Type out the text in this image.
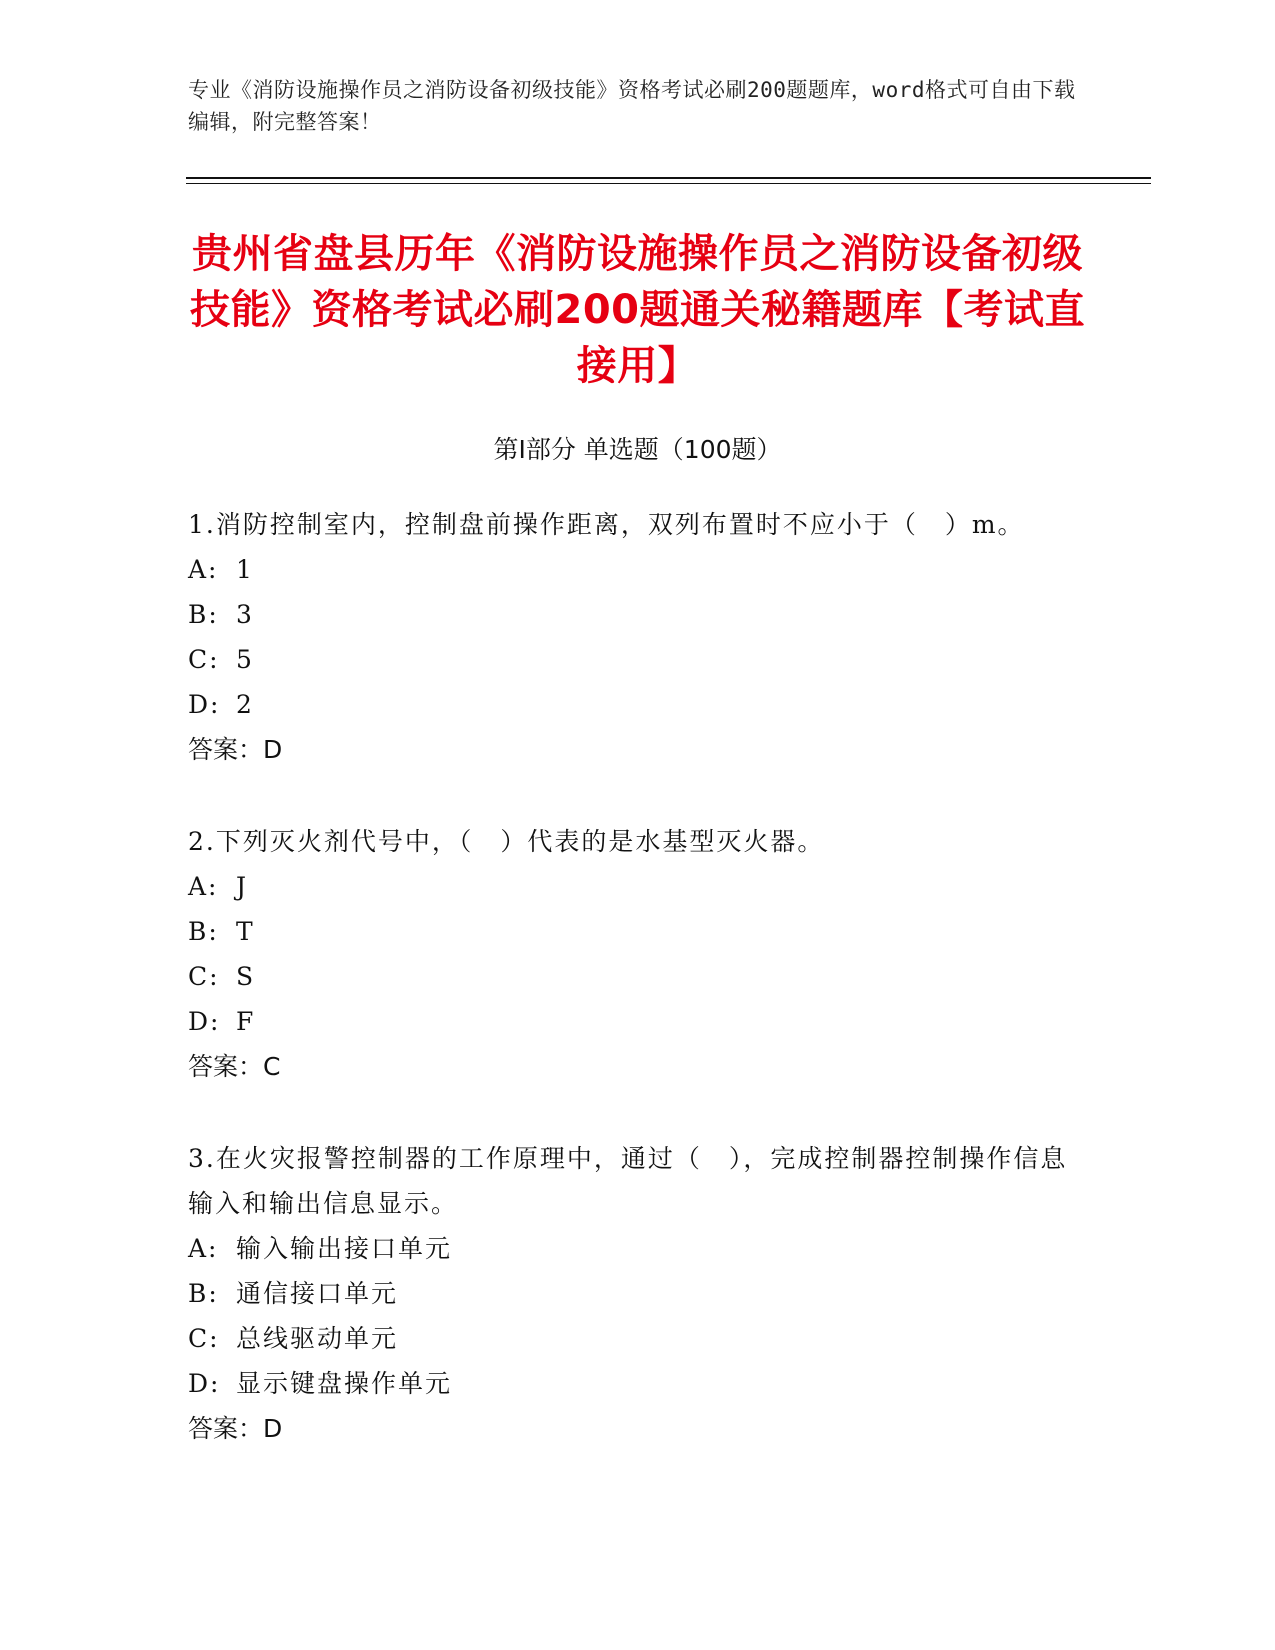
专业《消防设施操作员之消防设备初级技能》资格考试必刷200题题库，word格式可自由下载编辑，附完整答案！
贵州省盘县历年《消防设施操作员之消防设备初级技能》资格考试必刷200题通关秘籍题库【考试直接用】
第Ⅰ部分 单选题（100题）
1.消防控制室内，控制盘前操作距离，双列布置时不应小于（　）m。
A: 1
B: 3
C: 5
D: 2
答案：D
2.下列灭火剂代号中，（　）代表的是水基型灭火器。
A: J
B: T
C: S
D: F
答案：C
3.在火灾报警控制器的工作原理中，通过（　），完成控制器控制操作信息输入和输出信息显示。
A: 输入输出接口单元
B: 通信接口单元
C: 总线驱动单元
D: 显示键盘操作单元
答案：D
